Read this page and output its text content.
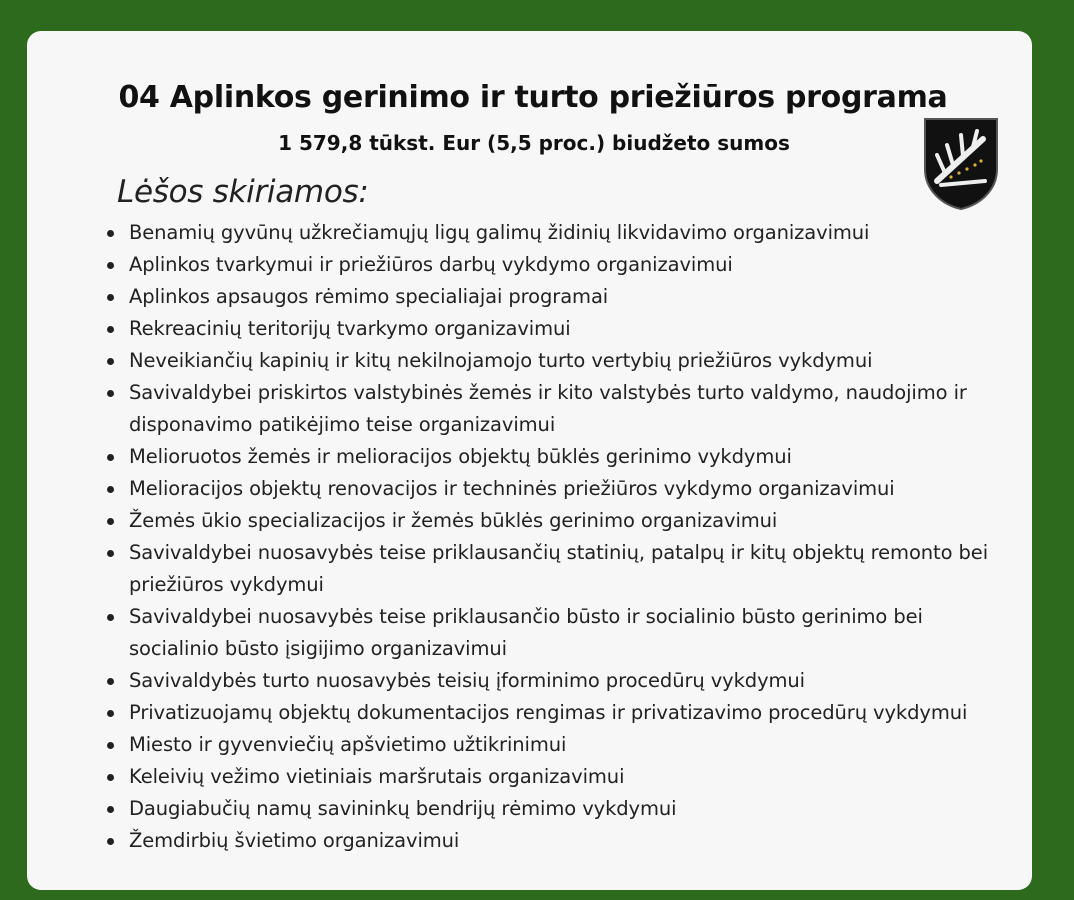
04 Aplinkos gerinimo ir turto priežiūros programa
1 579,8 tūkst. Eur (5,5 proc.) biudžeto sumos
Lėšos skiriamos:
Benamių gyvūnų užkrečiamųjų ligų galimų židinių likvidavimo organizavimui
Aplinkos tvarkymui ir priežiūros darbų vykdymo organizavimui
Aplinkos apsaugos rėmimo specialiajai programai
Rekreacinių teritorijų tvarkymo organizavimui
Neveikiančių kapinių ir kitų nekilnojamojo turto vertybių priežiūros vykdymui
Savivaldybei priskirtos valstybinės žemės ir kito valstybės turto valdymo, naudojimo ir disponavimo patikėjimo teise organizavimui
Melioruotos žemės ir melioracijos objektų būklės gerinimo vykdymui
Melioracijos objektų renovacijos ir techninės priežiūros vykdymo organizavimui
Žemės ūkio specializacijos ir žemės būklės gerinimo organizavimui
Savivaldybei nuosavybės teise priklausančių statinių, patalpų ir kitų objektų remonto bei priežiūros vykdymui
Savivaldybei nuosavybės teise priklausančio būsto ir socialinio būsto gerinimo bei socialinio būsto įsigijimo organizavimui
Savivaldybės turto nuosavybės teisių įforminimo procedūrų vykdymui
Privatizuojamų objektų dokumentacijos rengimas ir privatizavimo procedūrų vykdymui
Miesto ir gyvenviečių apšvietimo užtikrinimui
Keleivių vežimo vietiniais maršrutais organizavimui
Daugiabučių namų savininkų bendrijų rėmimo vykdymui
Žemdirbių švietimo organizavimui
